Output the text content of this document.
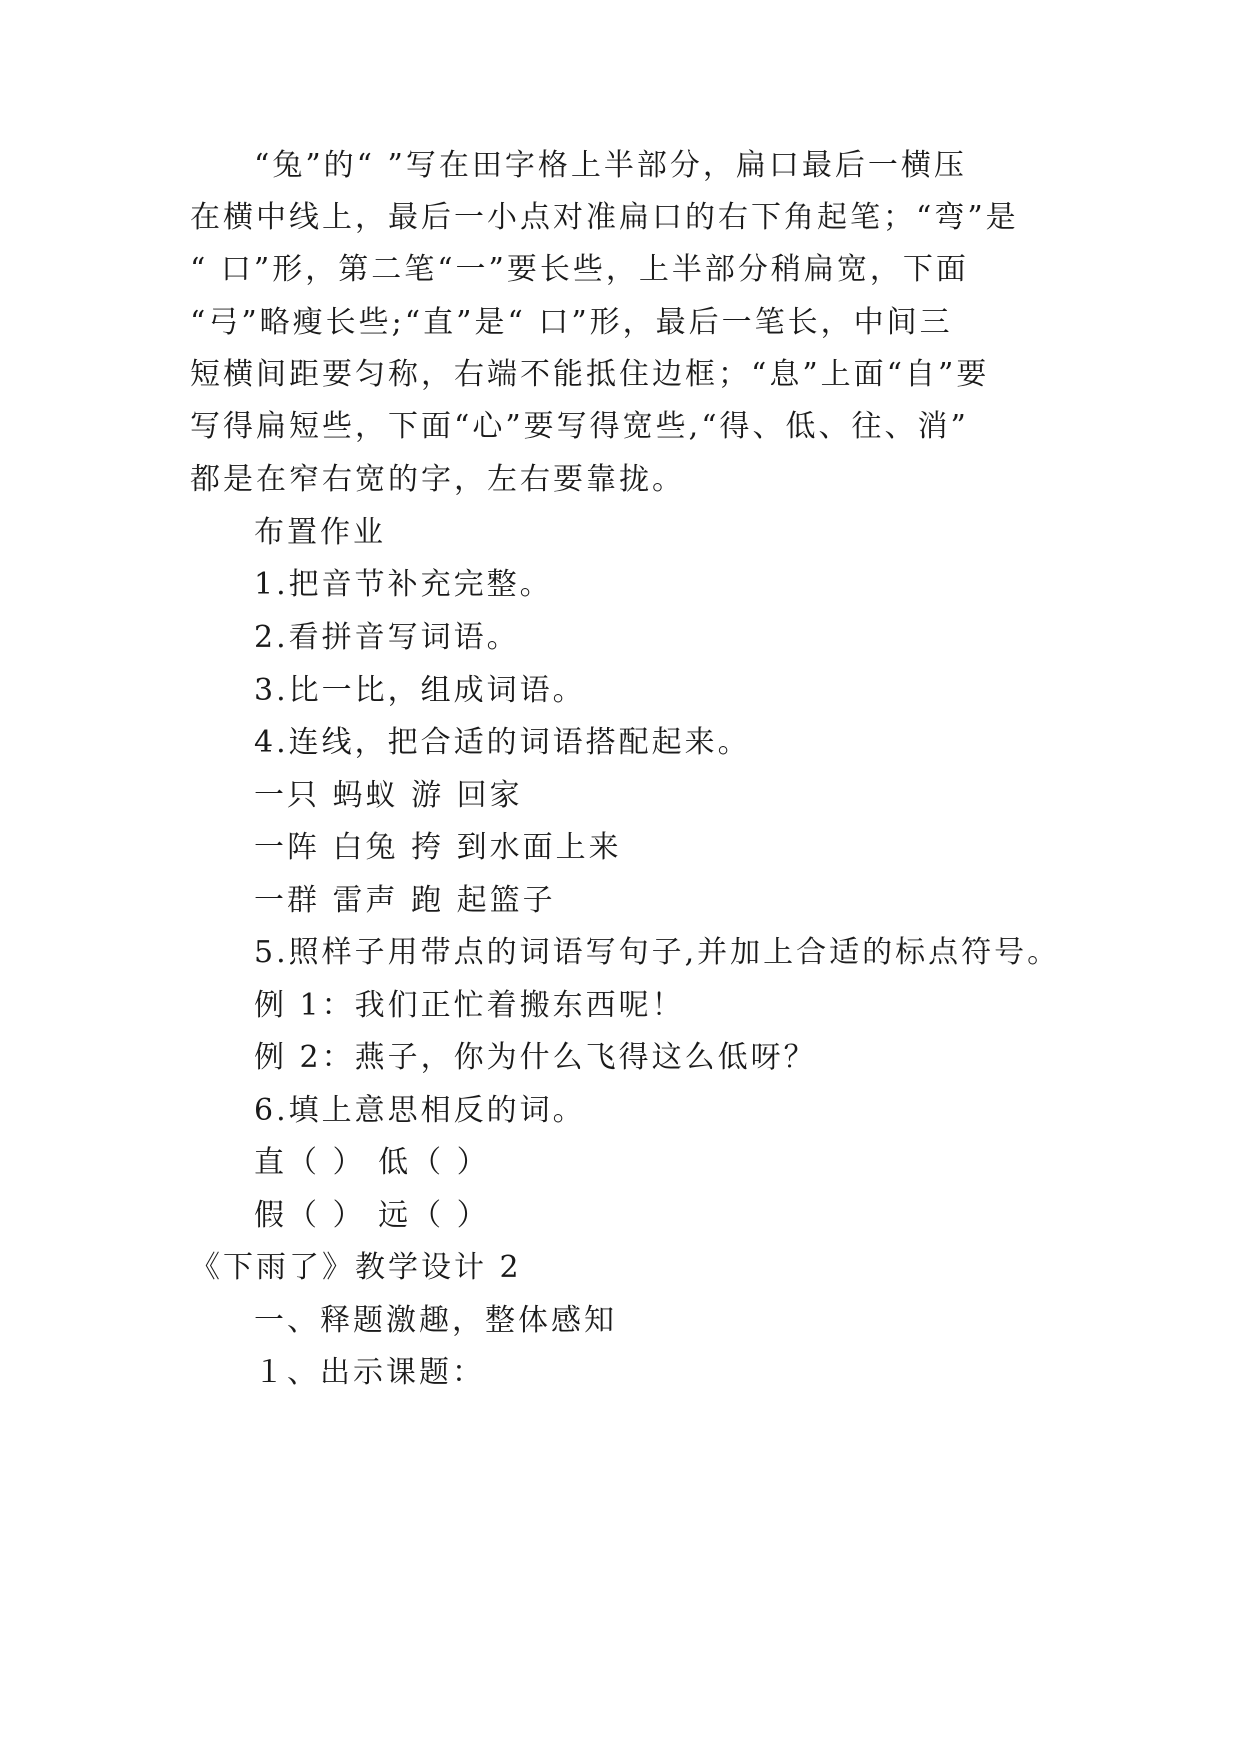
“兔”的“ ”写在田字格上半部分，扁口最后一横压
在横中线上，最后一小点对准扁口的右下角起笔；“弯”是
“ 口”形，第二笔“一”要长些，上半部分稍扁宽，下面
“弓”略瘦长些;“直”是“ 口”形，最后一笔长，中间三
短横间距要匀称，右端不能抵住边框；“息”上面“自”要
写得扁短些，下面“心”要写得宽些,“得、低、往、消”
都是在窄右宽的字，左右要靠拢。
布置作业
1.把音节补充完整。
2.看拼音写词语。
3.比一比，组成词语。
4.连线，把合适的词语搭配起来。
一只 蚂蚁 游 回家
一阵 白兔 挎 到水面上来
一群 雷声 跑 起篮子
5.照样子用带点的词语写句子,并加上合适的标点符号。
例 1：我们正忙着搬东西呢！
例 2：燕子，你为什么飞得这么低呀？
6.填上意思相反的词。
直（ ） 低（ ）
假（ ） 远（ ）
《下雨了》教学设计 2
一、释题激趣，整体感知
１、出示课题：
